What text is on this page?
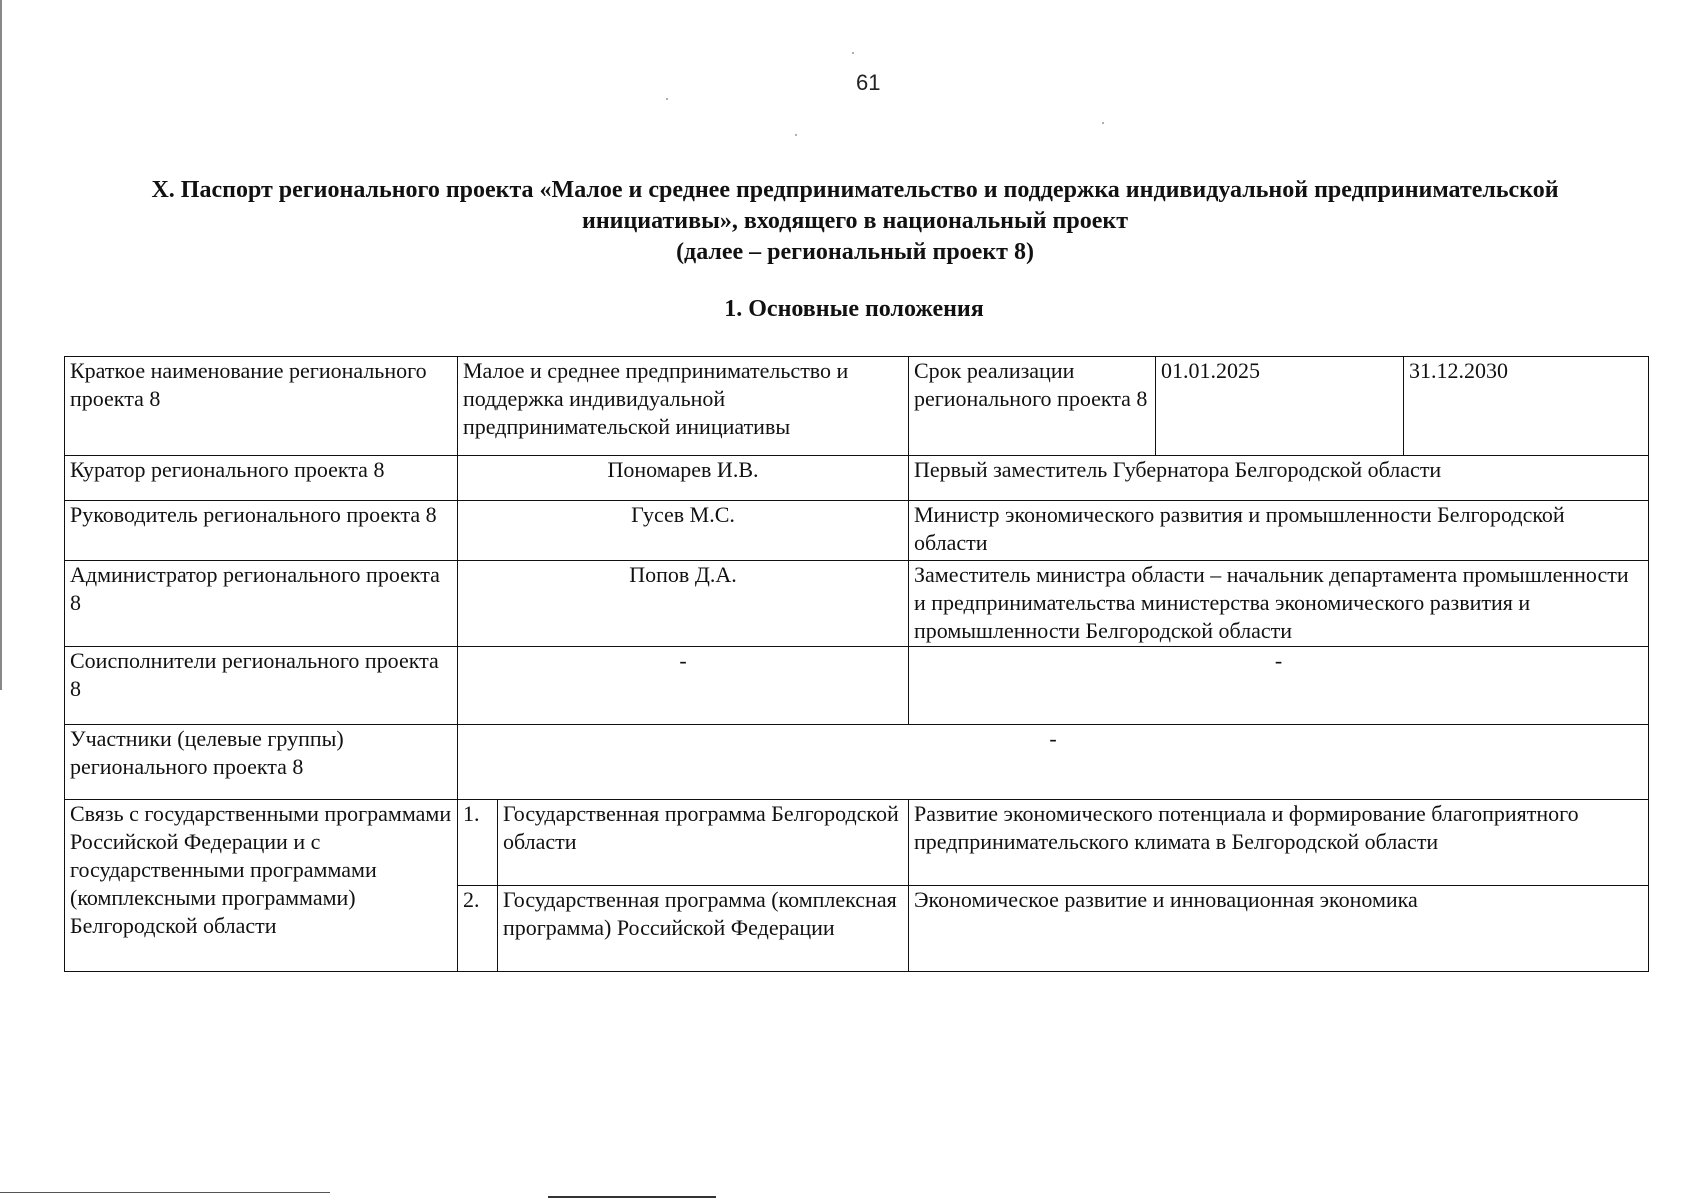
61
X. Паспорт регионального проекта «Малое и среднее предпринимательство и поддержка индивидуальной предпринимательской
инициативы», входящего в национальный проект
(далее – региональный проект 8)
1. Основные положения
Краткое наименование регионального проекта 8	Малое и среднее предпринимательство и поддержка индивидуальной предпринимательской инициативы		Срок реализации регионального проекта 8	01.01.2025	31.12.2030
Куратор регионального проекта 8	Пономарев И.В.		Первый заместитель Губернатора Белгородской области		
Руководитель регионального проекта 8	Гусев М.С.		Министр экономического развития и промышленности Белгородской области		
Администратор регионального проекта 8	Попов Д.А.		Заместитель министра области – начальник департамента промышленности и предпринимательства министерства экономического развития и промышленности Белгородской области		
Соисполнители регионального проекта 8	-		-		
Участники (целевые группы) регионального проекта 8	-				
Связь с государственными программами Российской Федерации и с государственными программами (комплексными программами) Белгородской области	1.	Государственная программа Белгородской области	Развитие экономического потенциала и формирование благоприятного предпринимательского климата в Белгородской области		
	2.	Государственная программа (комплексная программа) Российской Федерации	Экономическое развитие и инновационная экономика		
